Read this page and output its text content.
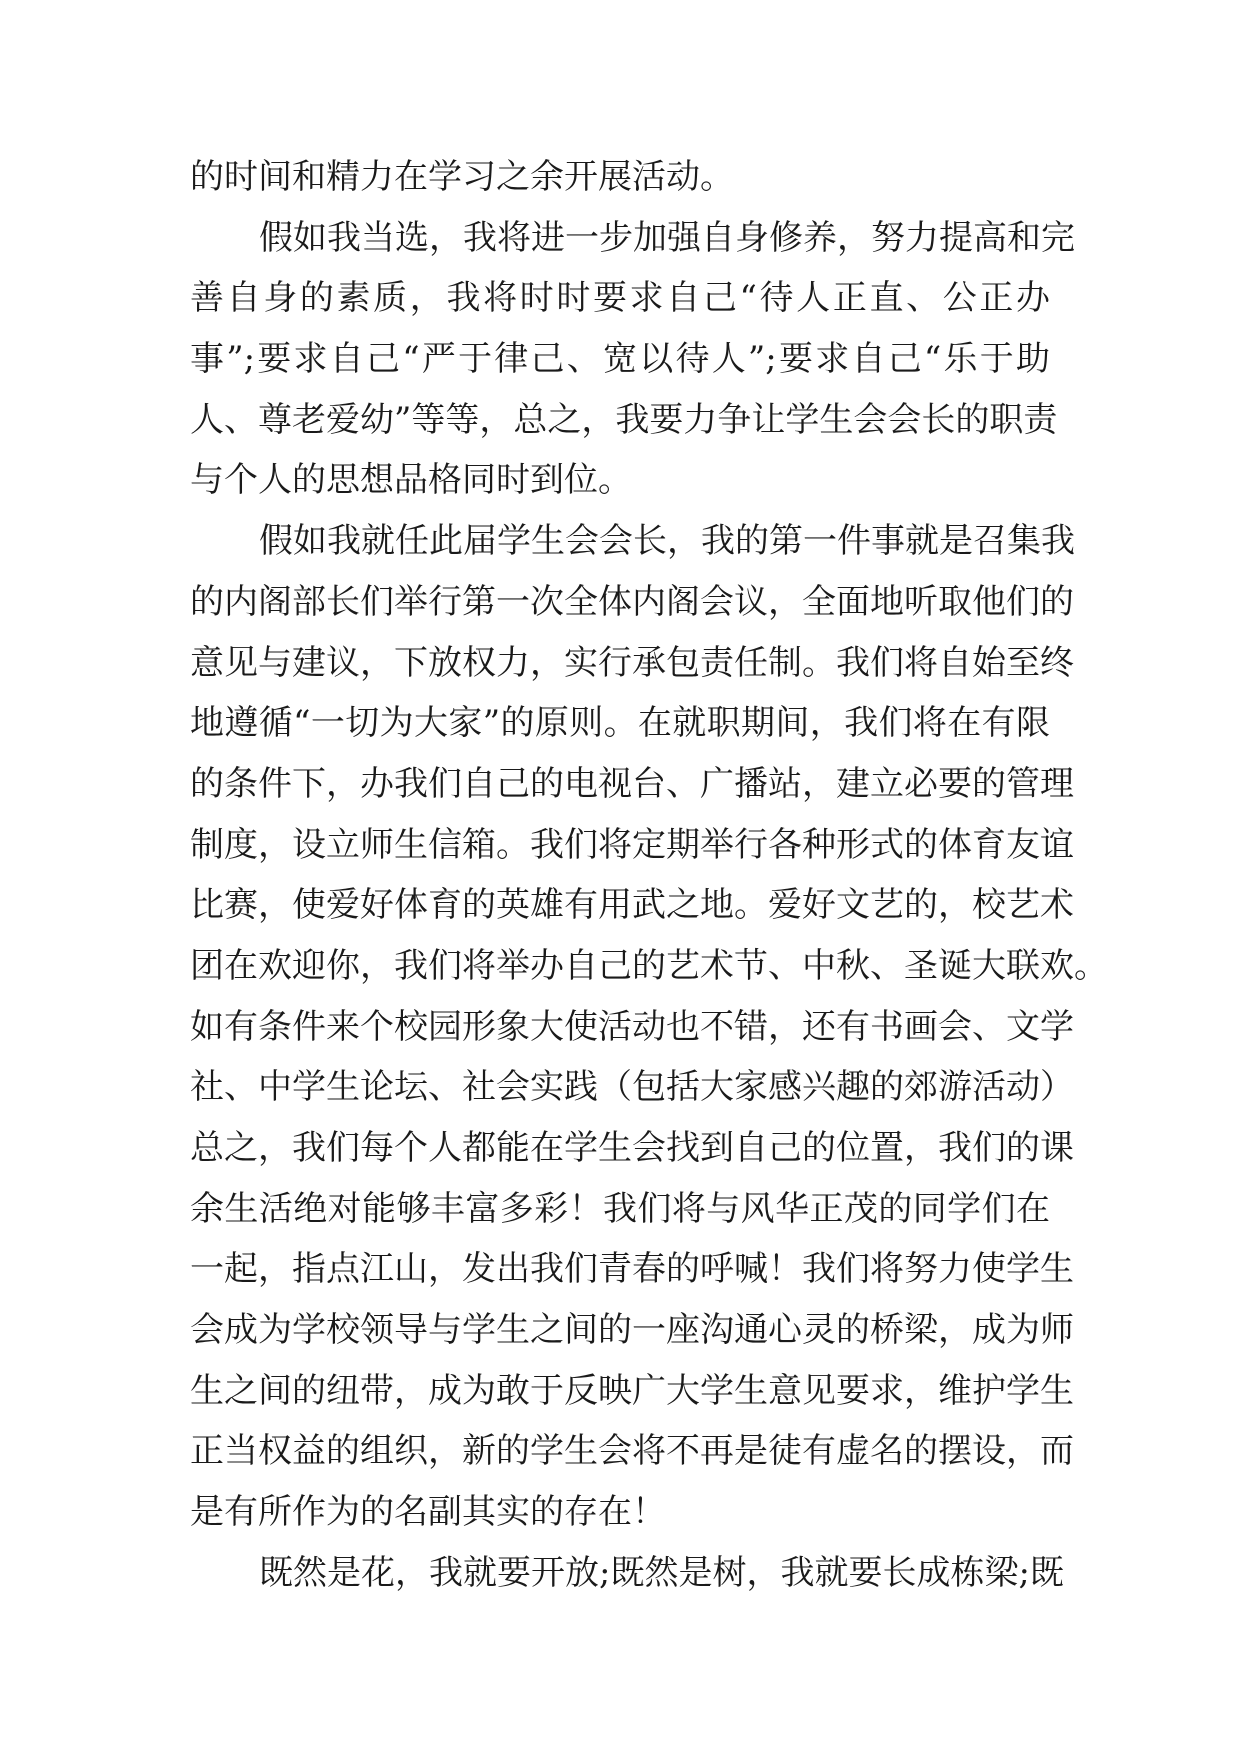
的时间和精力在学习之余开展活动。
假如我当选，我将进一步加强自身修养，努力提高和完
善自身的素质，我将时时要求自己“待人正直、公正办
事”;要求自己“严于律己、宽以待人”;要求自己“乐于助
人、尊老爱幼”等等，总之，我要力争让学生会会长的职责
与个人的思想品格同时到位。
假如我就任此届学生会会长，我的第一件事就是召集我
的内阁部长们举行第一次全体内阁会议，全面地听取他们的
意见与建议，下放权力，实行承包责任制。我们将自始至终
地遵循“一切为大家”的原则。在就职期间，我们将在有限
的条件下，办我们自己的电视台、广播站，建立必要的管理
制度，设立师生信箱。我们将定期举行各种形式的体育友谊
比赛，使爱好体育的英雄有用武之地。爱好文艺的，校艺术
团在欢迎你，我们将举办自己的艺术节、中秋、圣诞大联欢。
如有条件来个校园形象大使活动也不错，还有书画会、文学
社、中学生论坛、社会实践（包括大家感兴趣的郊游活动）
总之，我们每个人都能在学生会找到自己的位置，我们的课
余生活绝对能够丰富多彩！我们将与风华正茂的同学们在
一起，指点江山，发出我们青春的呼喊！我们将努力使学生
会成为学校领导与学生之间的一座沟通心灵的桥梁，成为师
生之间的纽带，成为敢于反映广大学生意见要求，维护学生
正当权益的组织，新的学生会将不再是徒有虚名的摆设，而
是有所作为的名副其实的存在！
既然是花，我就要开放;既然是树，我就要长成栋梁;既
